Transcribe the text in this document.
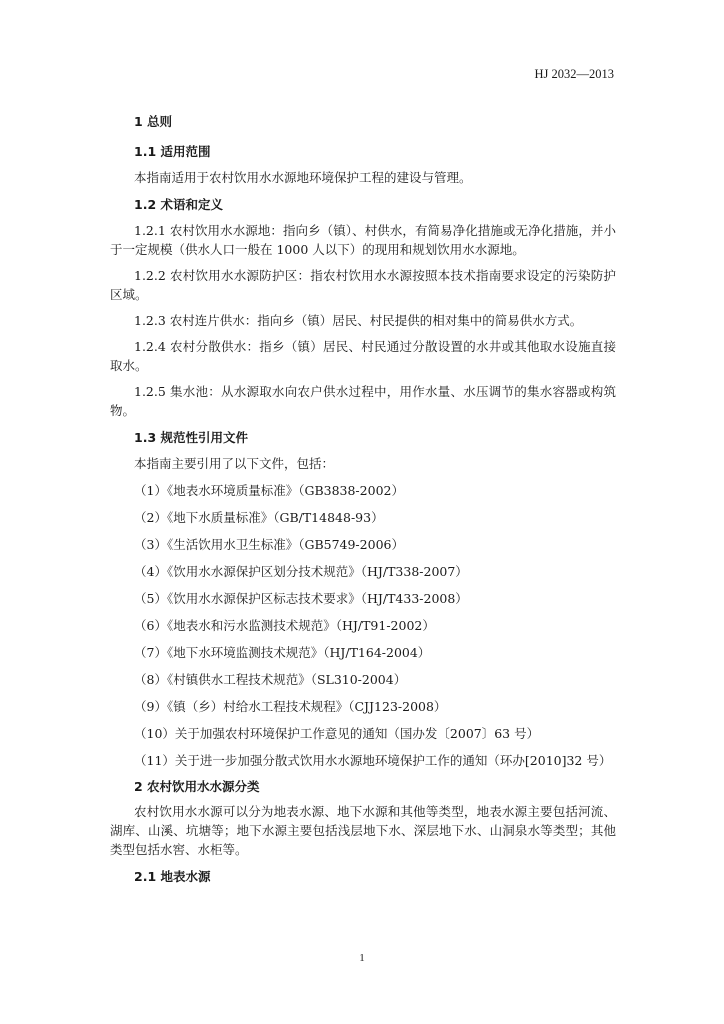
HJ 2032—2013
1 总则
1.1 适用范围
本指南适用于农村饮用水水源地环境保护工程的建设与管理。
1.2 术语和定义
1.2.1 农村饮用水水源地：指向乡（镇）、村供水，有简易净化措施或无净化措施，并小于一定规模（供水人口一般在 1000 人以下）的现用和规划饮用水水源地。
1.2.2 农村饮用水水源防护区：指农村饮用水水源按照本技术指南要求设定的污染防护区域。
1.2.3 农村连片供水：指向乡（镇）居民、村民提供的相对集中的简易供水方式。
1.2.4 农村分散供水：指乡（镇）居民、村民通过分散设置的水井或其他取水设施直接取水。
1.2.5 集水池：从水源取水向农户供水过程中，用作水量、水压调节的集水容器或构筑物。
1.3 规范性引用文件
本指南主要引用了以下文件，包括：
（1）《地表水环境质量标准》（GB3838-2002）
（2）《地下水质量标准》（GB/T14848-93）
（3）《生活饮用水卫生标准》（GB5749-2006）
（4）《饮用水水源保护区划分技术规范》（HJ/T338-2007）
（5）《饮用水水源保护区标志技术要求》（HJ/T433-2008）
（6）《地表水和污水监测技术规范》（HJ/T91-2002）
（7）《地下水环境监测技术规范》（HJ/T164-2004）
（8）《村镇供水工程技术规范》（SL310-2004）
（9）《镇（乡）村给水工程技术规程》（CJJ123-2008）
（10）关于加强农村环境保护工作意见的通知（国办发〔2007〕63 号）
（11）关于进一步加强分散式饮用水水源地环境保护工作的通知（环办[2010]32 号）
2 农村饮用水水源分类
农村饮用水水源可以分为地表水源、地下水源和其他等类型，地表水源主要包括河流、湖库、山溪、坑塘等；地下水源主要包括浅层地下水、深层地下水、山洞泉水等类型；其他类型包括水窖、水柜等。
2.1 地表水源
1
